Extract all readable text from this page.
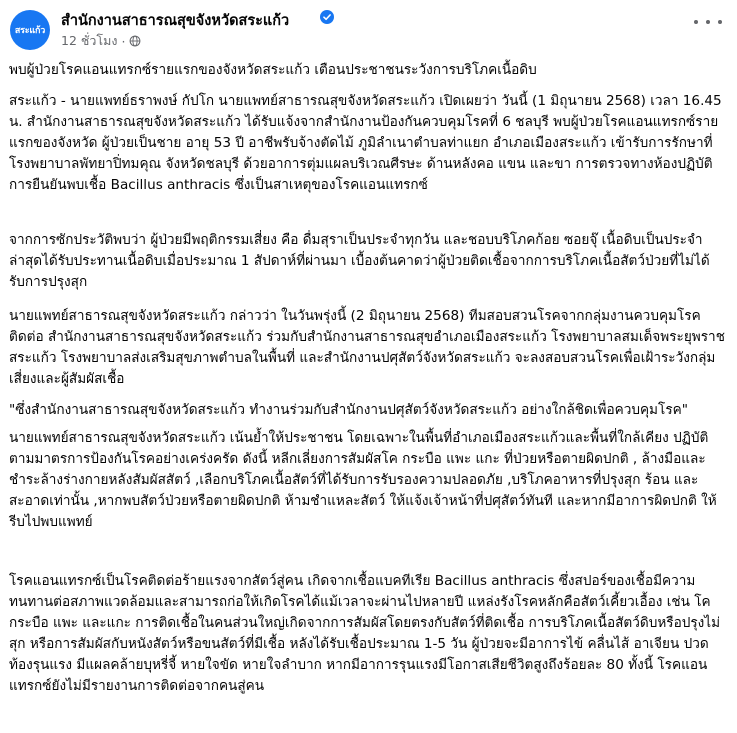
สระแก้ว
สำนักงานสาธารณสุขจังหวัดสระแก้ว
12 ชั่วโมง ·

พบผู้ป่วยโรคแอนแทรกซ์รายแรกของจังหวัดสระแก้ว เตือนประชาชนระวังการบริโภคเนื้อดิบ

สระแก้ว - นายแพทย์ธราพงษ์ กัปโก นายแพทย์สาธารณสุขจังหวัดสระแก้ว เปิดเผยว่า วันนี้ (1 มิถุนายน 2568) เวลา 16.45 น. สำนักงานสาธารณสุขจังหวัดสระแก้ว ได้รับแจ้งจากสำนักงานป้องกันควบคุมโรคที่ 6 ชลบุรี พบผู้ป่วยโรคแอนแทรกซ์รายแรกของจังหวัด ผู้ป่วยเป็นชาย อายุ 53 ปี อาชีพรับจ้างตัดไม้ ภูมิลำเนาตำบลท่าแยก อำเภอเมืองสระแก้ว เข้ารับการรักษาที่โรงพยาบาลพัทยาปิ่ทมคุณ จังหวัดชลบุรี ด้วยอาการตุ่มแผลบริเวณศีรษะ ด้านหลังคอ แขน และขา การตรวจทางห้องปฏิบัติการยืนยันพบเชื้อ Bacillus anthracis ซึ่งเป็นสาเหตุของโรคแอนแทรกซ์

จากการซักประวัติพบว่า ผู้ป่วยมีพฤติกรรมเสี่ยง คือ ดื่มสุราเป็นประจำทุกวัน และชอบบริโภคก้อย ซอยจุ๊ เนื้อดิบเป็นประจำ ล่าสุดได้รับประทานเนื้อดิบเมื่อประมาณ 1 สัปดาห์ที่ผ่านมา เบื้องต้นคาดว่าผู้ป่วยติดเชื้อจากการบริโภคเนื้อสัตว์ป่วยที่ไม่ได้รับการปรุงสุก

นายแพทย์สาธารณสุขจังหวัดสระแก้ว กล่าวว่า ในวันพรุ่งนี้ (2 มิถุนายน 2568) ทีมสอบสวนโรคจากกลุ่มงานควบคุมโรคติดต่อ สำนักงานสาธารณสุขจังหวัดสระแก้ว ร่วมกับสำนักงานสาธารณสุขอำเภอเมืองสระแก้ว โรงพยาบาลสมเด็จพระยุพราชสระแก้ว โรงพยาบาลส่งเสริมสุขภาพตำบลในพื้นที่ และสำนักงานปศุสัตว์จังหวัดสระแก้ว จะลงสอบสวนโรคเพื่อเฝ้าระวังกลุ่มเสี่ยงและผู้สัมผัสเชื้อ

"ซึ่งสำนักงานสาธารณสุขจังหวัดสระแก้ว ทำงานร่วมกับสำนักงานปศุสัตว์จังหวัดสระแก้ว อย่างใกล้ชิดเพื่อควบคุมโรค"

นายแพทย์สาธารณสุขจังหวัดสระแก้ว เน้นย้ำให้ประชาชน โดยเฉพาะในพื้นที่อำเภอเมืองสระแก้วและพื้นที่ใกล้เคียง ปฏิบัติตามมาตรการป้องกันโรคอย่างเคร่งครัด ดังนี้ หลีกเลี่ยงการสัมผัสโค กระบือ แพะ แกะ ที่ป่วยหรือตายผิดปกติ , ล้างมือและชำระล้างร่างกายหลังสัมผัสสัตว์ ,เลือกบริโภคเนื้อสัตว์ที่ได้รับการรับรองความปลอดภัย ,บริโภคอาหารที่ปรุงสุก ร้อน และสะอาดเท่านั้น ,หากพบสัตว์ป่วยหรือตายผิดปกติ ห้ามชำแหละสัตว์ ให้แจ้งเจ้าหน้าที่ปศุสัตว์ทันที และหากมีอาการผิดปกติ ให้รีบไปพบแพทย์

โรคแอนแทรกซ์เป็นโรคติดต่อร้ายแรงจากสัตว์สู่คน เกิดจากเชื้อแบคทีเรีย Bacillus anthracis ซึ่งสปอร์ของเชื้อมีความทนทานต่อสภาพแวดล้อมและสามารถก่อให้เกิดโรคได้แม้เวลาจะผ่านไปหลายปี แหล่งรังโรคหลักคือสัตว์เคี้ยวเอื้อง เช่น โค กระบือ แพะ และแกะ การติดเชื้อในคนส่วนใหญ่เกิดจากการสัมผัสโดยตรงกับสัตว์ที่ติดเชื้อ การบริโภคเนื้อสัตว์ดิบหรือปรุงไม่สุก หรือการสัมผัสกับหนังสัตว์หรือขนสัตว์ที่มีเชื้อ หลังได้รับเชื้อประมาณ 1-5 วัน ผู้ป่วยจะมีอาการไข้ คลื่นไส้ อาเจียน ปวดท้องรุนแรง มีแผลคล้ายบุหรี่จี้ หายใจขัด หายใจลำบาก หากมีอาการรุนแรงมีโอกาสเสียชีวิตสูงถึงร้อยละ 80 ทั้งนี้ โรคแอนแทรกซ์ยังไม่มีรายงานการติดต่อจากคนสู่คน
